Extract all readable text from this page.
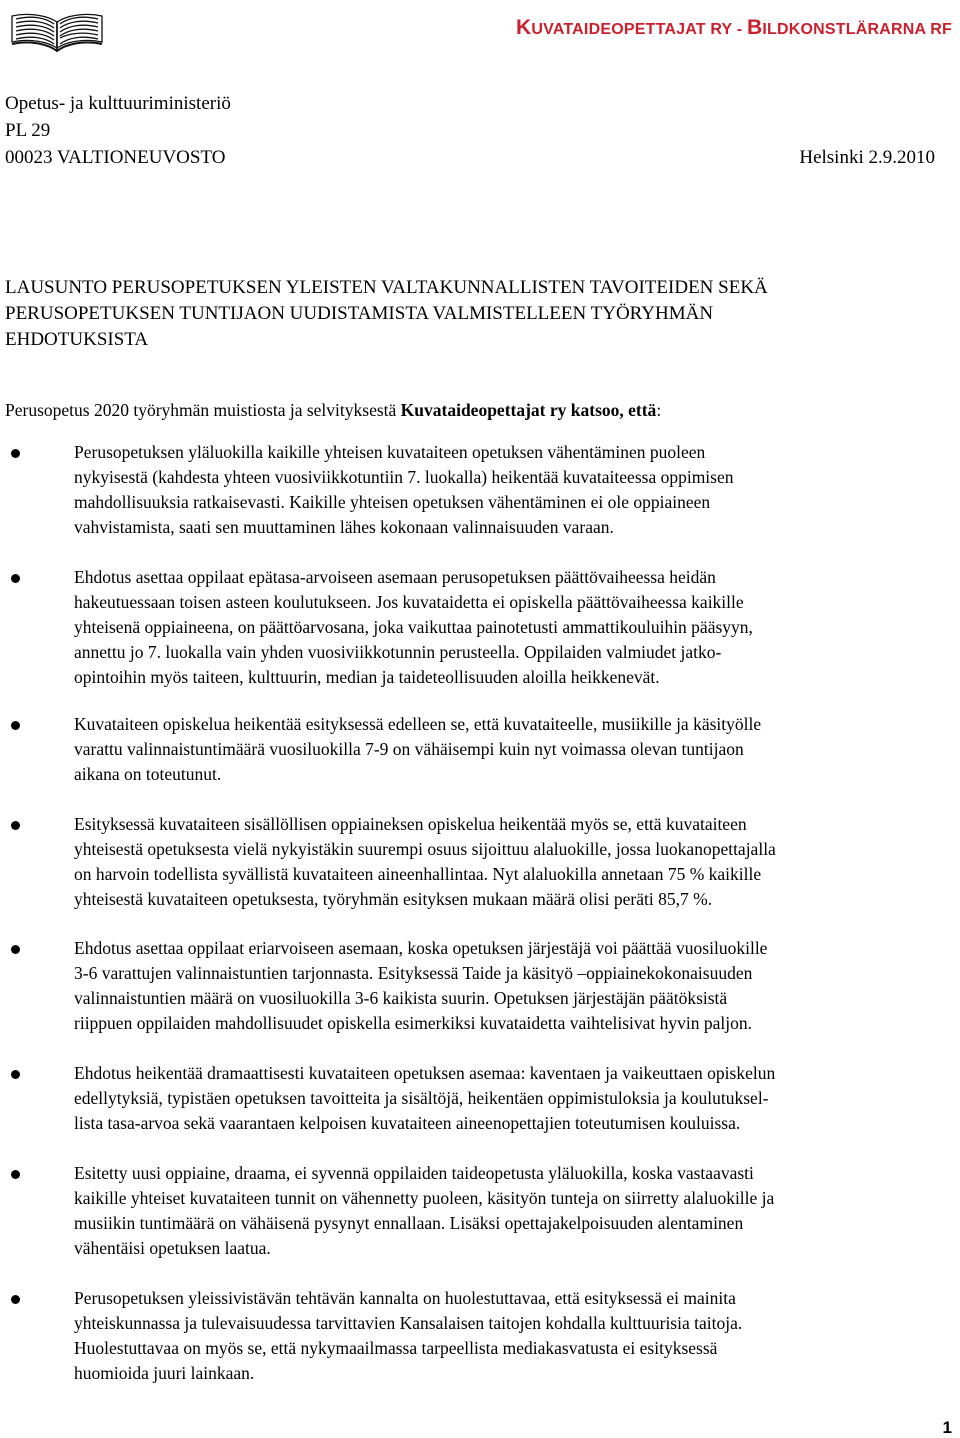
KUVATAIDEOPETTAJAT RY - BILDKONSTLÄRARNA RF
Opetus- ja kulttuuriministeriö
PL 29
00023 VALTIONEUVOSTO	Helsinki 2.9.2010
LAUSUNTO PERUSOPETUKSEN YLEISTEN VALTAKUNNALLISTEN TAVOITEIDEN SEKÄ
PERUSOPETUKSEN TUNTIJAON UUDISTAMISTA VALMISTELLEEN TYÖRYHMÄN
EHDOTUKSISTA
Perusopetus 2020 työryhmän muistiosta ja selvityksestä Kuvataideopettajat ry katsoo, että:
Perusopetuksen yläluokilla kaikille yhteisen kuvataiteen opetuksen vähentäminen puoleen
nykyisestä (kahdesta yhteen vuosiviikkotuntiin 7. luokalla) heikentää kuvataiteessa oppimisen
mahdollisuuksia ratkaisevasti. Kaikille yhteisen opetuksen vähentäminen ei ole oppiaineen
vahvistamista, saati sen muuttaminen lähes kokonaan valinnaisuuden varaan.
Ehdotus asettaa oppilaat epätasa-arvoiseen asemaan perusopetuksen päättövaiheessa heidän
hakeutuessaan toisen asteen koulutukseen. Jos kuvataidetta ei opiskella päättövaiheessa kaikille
yhteisenä oppiaineena, on päättöarvosana, joka vaikuttaa painotetusti ammattikouluihin pääsyyn,
annettu jo 7. luokalla vain yhden vuosiviikkotunnin perusteella. Oppilaiden valmiudet jatko-
opintoihin myös taiteen, kulttuurin, median ja taideteollisuuden aloilla heikkenevät.
Kuvataiteen opiskelua heikentää esityksessä edelleen se, että kuvataiteelle, musiikille ja käsityölle
varattu valinnaistuntimäärä vuosiluokilla 7-9 on vähäisempi kuin nyt voimassa olevan tuntijaon
aikana on toteutunut.
Esityksessä kuvataiteen sisällöllisen oppiaineksen opiskelua heikentää myös se, että kuvataiteen
yhteisestä opetuksesta vielä nykyistäkin suurempi osuus sijoittuu alaluokille, jossa luokanopettajalla
on harvoin todellista syvällistä kuvataiteen aineenhallintaa. Nyt alaluokilla annetaan 75 % kaikille
yhteisestä kuvataiteen opetuksesta, työryhmän esityksen mukaan määrä olisi peräti 85,7 %.
Ehdotus asettaa oppilaat eriarvoiseen asemaan, koska opetuksen järjestäjä voi päättää vuosiluokille
3-6 varattujen valinnaistuntien tarjonnasta. Esityksessä Taide ja käsityö –oppiainekokonaisuuden
valinnaistuntien määrä on vuosiluokilla 3-6 kaikista suurin. Opetuksen järjestäjän päätöksistä
riippuen oppilaiden mahdollisuudet opiskella esimerkiksi kuvataidetta vaihtelisivat hyvin paljon.
Ehdotus heikentää dramaattisesti kuvataiteen opetuksen asemaa: kaventaen ja vaikeuttaen opiskelun
edellytyksiä, typistäen opetuksen tavoitteita ja sisältöjä, heikentäen oppimistuloksia ja koulutuksel-
lista tasa-arvoa sekä vaarantaen kelpoisen kuvataiteen aineenopettajien toteutumisen kouluissa.
Esitetty uusi oppiaine, draama, ei syvennä oppilaiden taideopetusta yläluokilla, koska vastaavasti
kaikille yhteiset kuvataiteen tunnit on vähennetty puoleen, käsityön tunteja on siirretty alaluokille ja
musiikin tuntimäärä on vähäisenä pysynyt ennallaan. Lisäksi opettajakelpoisuuden alentaminen
vähentäisi opetuksen laatua.
Perusopetuksen yleissivistävän tehtävän kannalta on huolestuttavaa, että esityksessä ei mainita
yhteiskunnassa ja tulevaisuudessa tarvittavien Kansalaisen taitojen kohdalla kulttuurisia taitoja.
Huolestuttavaa on myös se, että nykymaailmassa tarpeellista mediakasvatusta ei esityksessä
huomioida juuri lainkaan.
1
